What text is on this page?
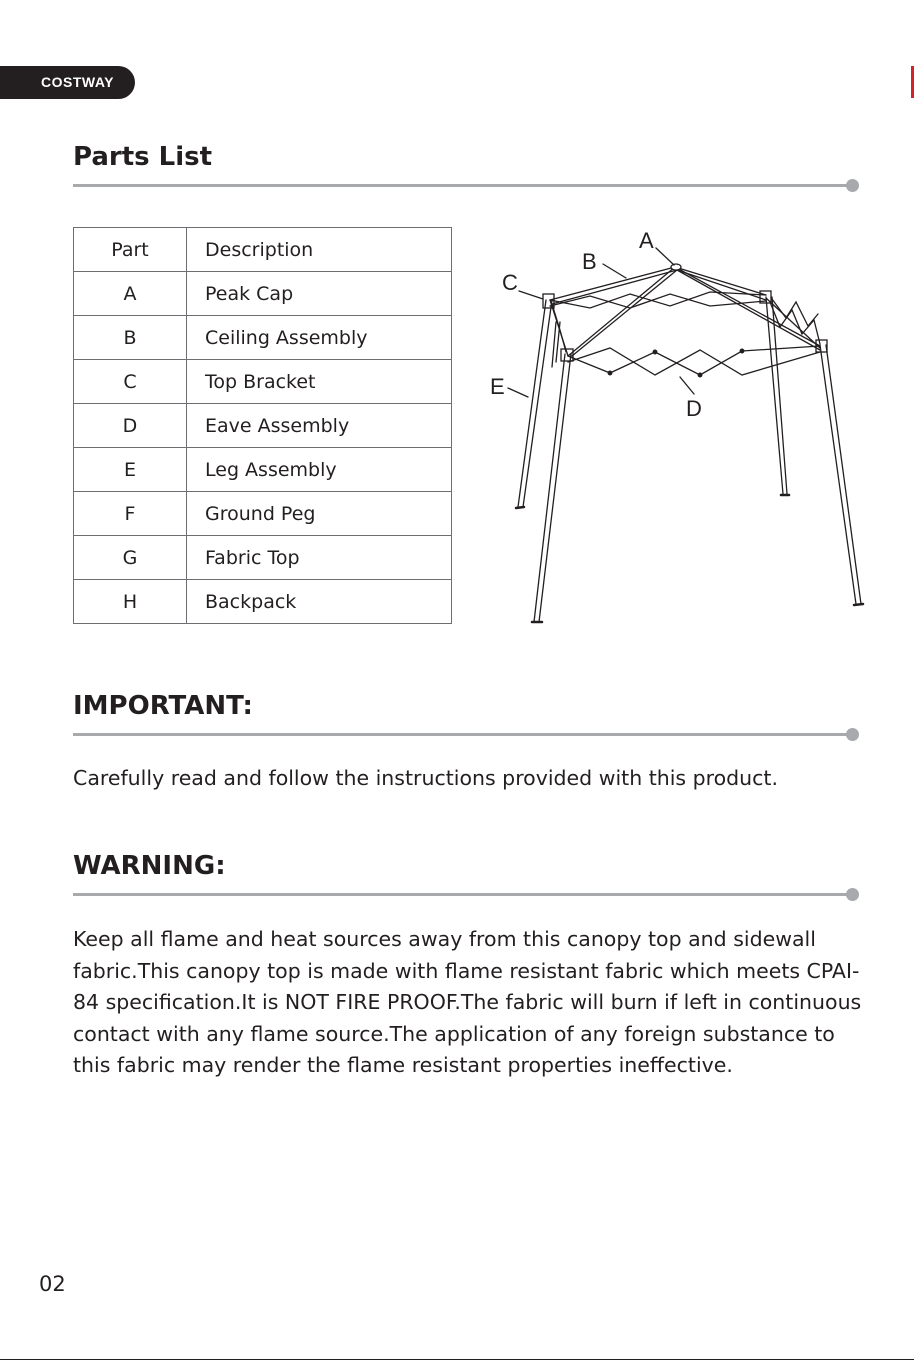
COSTWAY
Parts List
Part	Description
A	Peak Cap
B	Ceiling Assembly
C	Top Bracket
D	Eave Assembly
E	Leg Assembly
F	Ground Peg
G	Fabric Top
H	Backpack
A
B
C
D
E
IMPORTANT:

Carefully read and follow the instructions provided with this product.

WARNING:

Keep all flame and heat sources away from this canopy top and sidewall fabric.This canopy top is made with flame resistant fabric which meets CPAI-84 specification.It is NOT FIRE PROOF.The fabric will burn if left in continuous contact with any flame source.The application of any foreign substance to this fabric may render the flame resistant properties ineffective.

02
